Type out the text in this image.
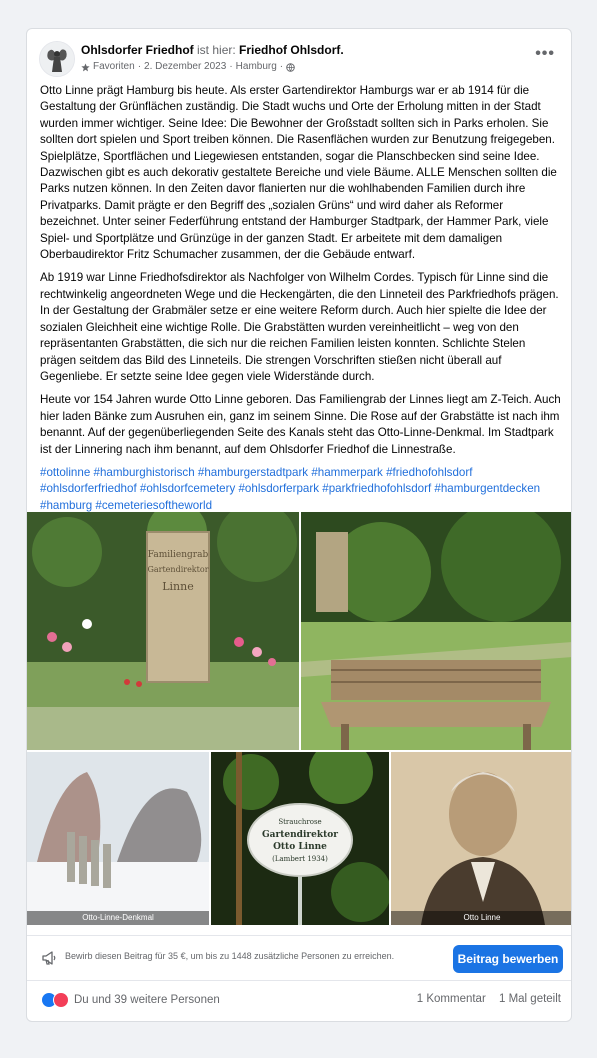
Ohlsdorfer Friedhof ist hier: Friedhof Ohlsdorf.
Favoriten · 2. Dezember 2023 · Hamburg ·
•••

Otto Linne prägt Hamburg bis heute. Als erster Gartendirektor Hamburgs war er ab 1914 für die Gestaltung der Grünflächen zuständig. Die Stadt wuchs und Orte der Erholung mitten in der Stadt wurden immer wichtiger. Seine Idee: Die Bewohner der Großstadt sollten sich in Parks erholen. Sie sollten dort spielen und Sport treiben können. Die Rasenflächen wurden zur Benutzung freigegeben. Spielplätze, Sportflächen und Liegewiesen entstanden, sogar die Planschbecken sind seine Idee. Dazwischen gibt es auch dekorativ gestaltete Bereiche und viele Bäume. ALLE Menschen sollten die Parks nutzen können. In den Zeiten davor flanierten nur die wohlhabenden Familien durch ihre Privatparks. Damit prägte er den Begriff des „sozialen Grüns“ und wird daher als Reformer bezeichnet. Unter seiner Federführung entstand der Hamburger Stadtpark, der Hammer Park, viele Spiel- und Sportplätze und Grünzüge in der ganzen Stadt. Er arbeitete mit dem damaligen Oberbaudirektor Fritz Schumacher zusammen, der die Gebäude entwarf.

Ab 1919 war Linne Friedhofsdirektor als Nachfolger von Wilhelm Cordes. Typisch für Linne sind die rechtwinkelig angeordneten Wege und die Heckengärten, die den Linneteil des Parkfriedhofs prägen. In der Gestaltung der Grabmäler setze er eine weitere Reform durch. Auch hier spielte die Idee der sozialen Gleichheit eine wichtige Rolle. Die Grabstätten wurden vereinheitlicht – weg von den repräsentanten Grabstätten, die sich nur die reichen Familien leisten konnten. Schlichte Stelen prägen seitdem das Bild des Linneteils. Die strengen Vorschriften stießen nicht überall auf Gegenliebe. Er setzte seine Idee gegen viele Widerstände durch.

Heute vor 154 Jahren wurde Otto Linne geboren. Das Familiengrab der Linnes liegt am Z-Teich. Auch hier laden Bänke zum Ausruhen ein, ganz im seinem Sinne. Die Rose auf der Grabstätte ist nach ihm benannt. Auf der gegenüberliegenden Seite des Kanals steht das Otto-Linne-Denkmal. Im Stadtpark ist der Linnering nach ihm benannt, auf dem Ohlsdorfer Friedhof die Linnestraße.

#ottolinne #hamburghistorisch #hamburgerstadtpark #hammerpark #friedhofohlsdorf #ohlsdorferfriedhof #ohlsdorfcemetery #ohlsdorferpark #parkfriedhofohlsdorf #hamburgentdecken #hamburg #cemeteriesoftheworld

Familiengrab
Gartendirektor
Linne
Otto-Linne-Denkmal
Strauchrose
Gartendirektor
Otto Linne
(Lambert 1934)
Otto Linne
Bewirb diesen Beitrag für 35 €, um bis zu 1448 zusätzliche Personen zu erreichen.	Beitrag bewerben
Du und 39 weitere Personen	1 Kommentar 1 Mal geteilt
